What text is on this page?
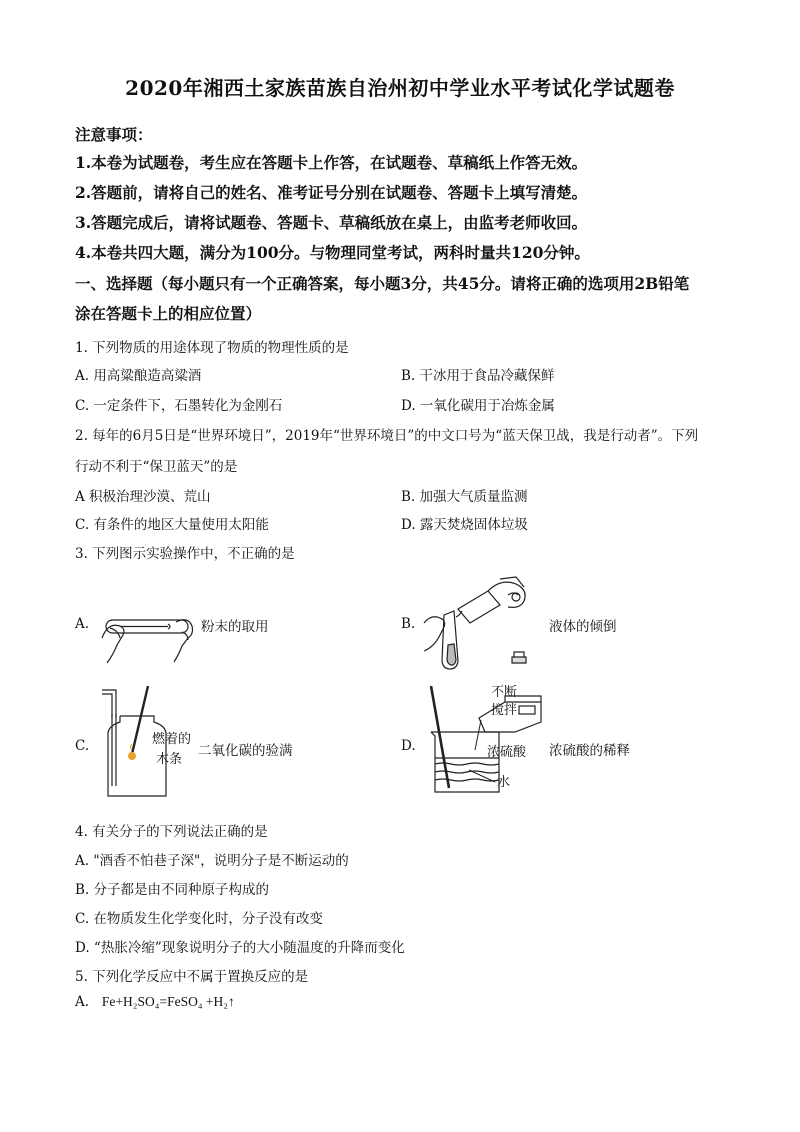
2020年湘西土家族苗族自治州初中学业水平考试化学试题卷
注意事项：
1.本卷为试题卷，考生应在答题卡上作答，在试题卷、草稿纸上作答无效。
2.答题前，请将自己的姓名、准考证号分别在试题卷、答题卡上填写清楚。
3.答题完成后，请将试题卷、答题卡、草稿纸放在桌上，由监考老师收回。
4.本卷共四大题，满分为100分。与物理同堂考试，两科时量共120分钟。
一、选择题（每小题只有一个正确答案，每小题3分，共45分。请将正确的选项用2B铅笔
涂在答题卡上的相应位置）
1. 下列物质的用途体现了物质的物理性质的是
A. 用高粱酿造高粱酒	B. 干冰用于食品冷藏保鲜
C. 一定条件下，石墨转化为金刚石	D. 一氧化碳用于冶炼金属
2. 每年的6月5日是“世界环境日”，2019年“世界环境日”的中文口号为“蓝天保卫战，我是行动者”。下列
行动不利于“保卫蓝天”的是
A 积极治理沙漠、荒山	B. 加强大气质量监测
C. 有条件的地区大量使用太阳能	D. 露天焚烧固体垃圾
3. 下列图示实验操作中，不正确的是
A.	粉末的取用	B.	液体的倾倒
C.	燃着的
木条
二氧化碳的验满	D.
不断
搅拌
浓硫酸
水
浓硫酸的稀释
4. 有关分子的下列说法正确的是
A. "酒香不怕巷子深"，说明分子是不断运动的
B. 分子都是由不同种原子构成的
C. 在物质发生化学变化时，分子没有改变
D. “热胀冷缩”现象说明分子的大小随温度的升降而变化
5. 下列化学反应中不属于置换反应的是
A.   Fe+H₂SO₄=FeSO₄ +H₂↑
